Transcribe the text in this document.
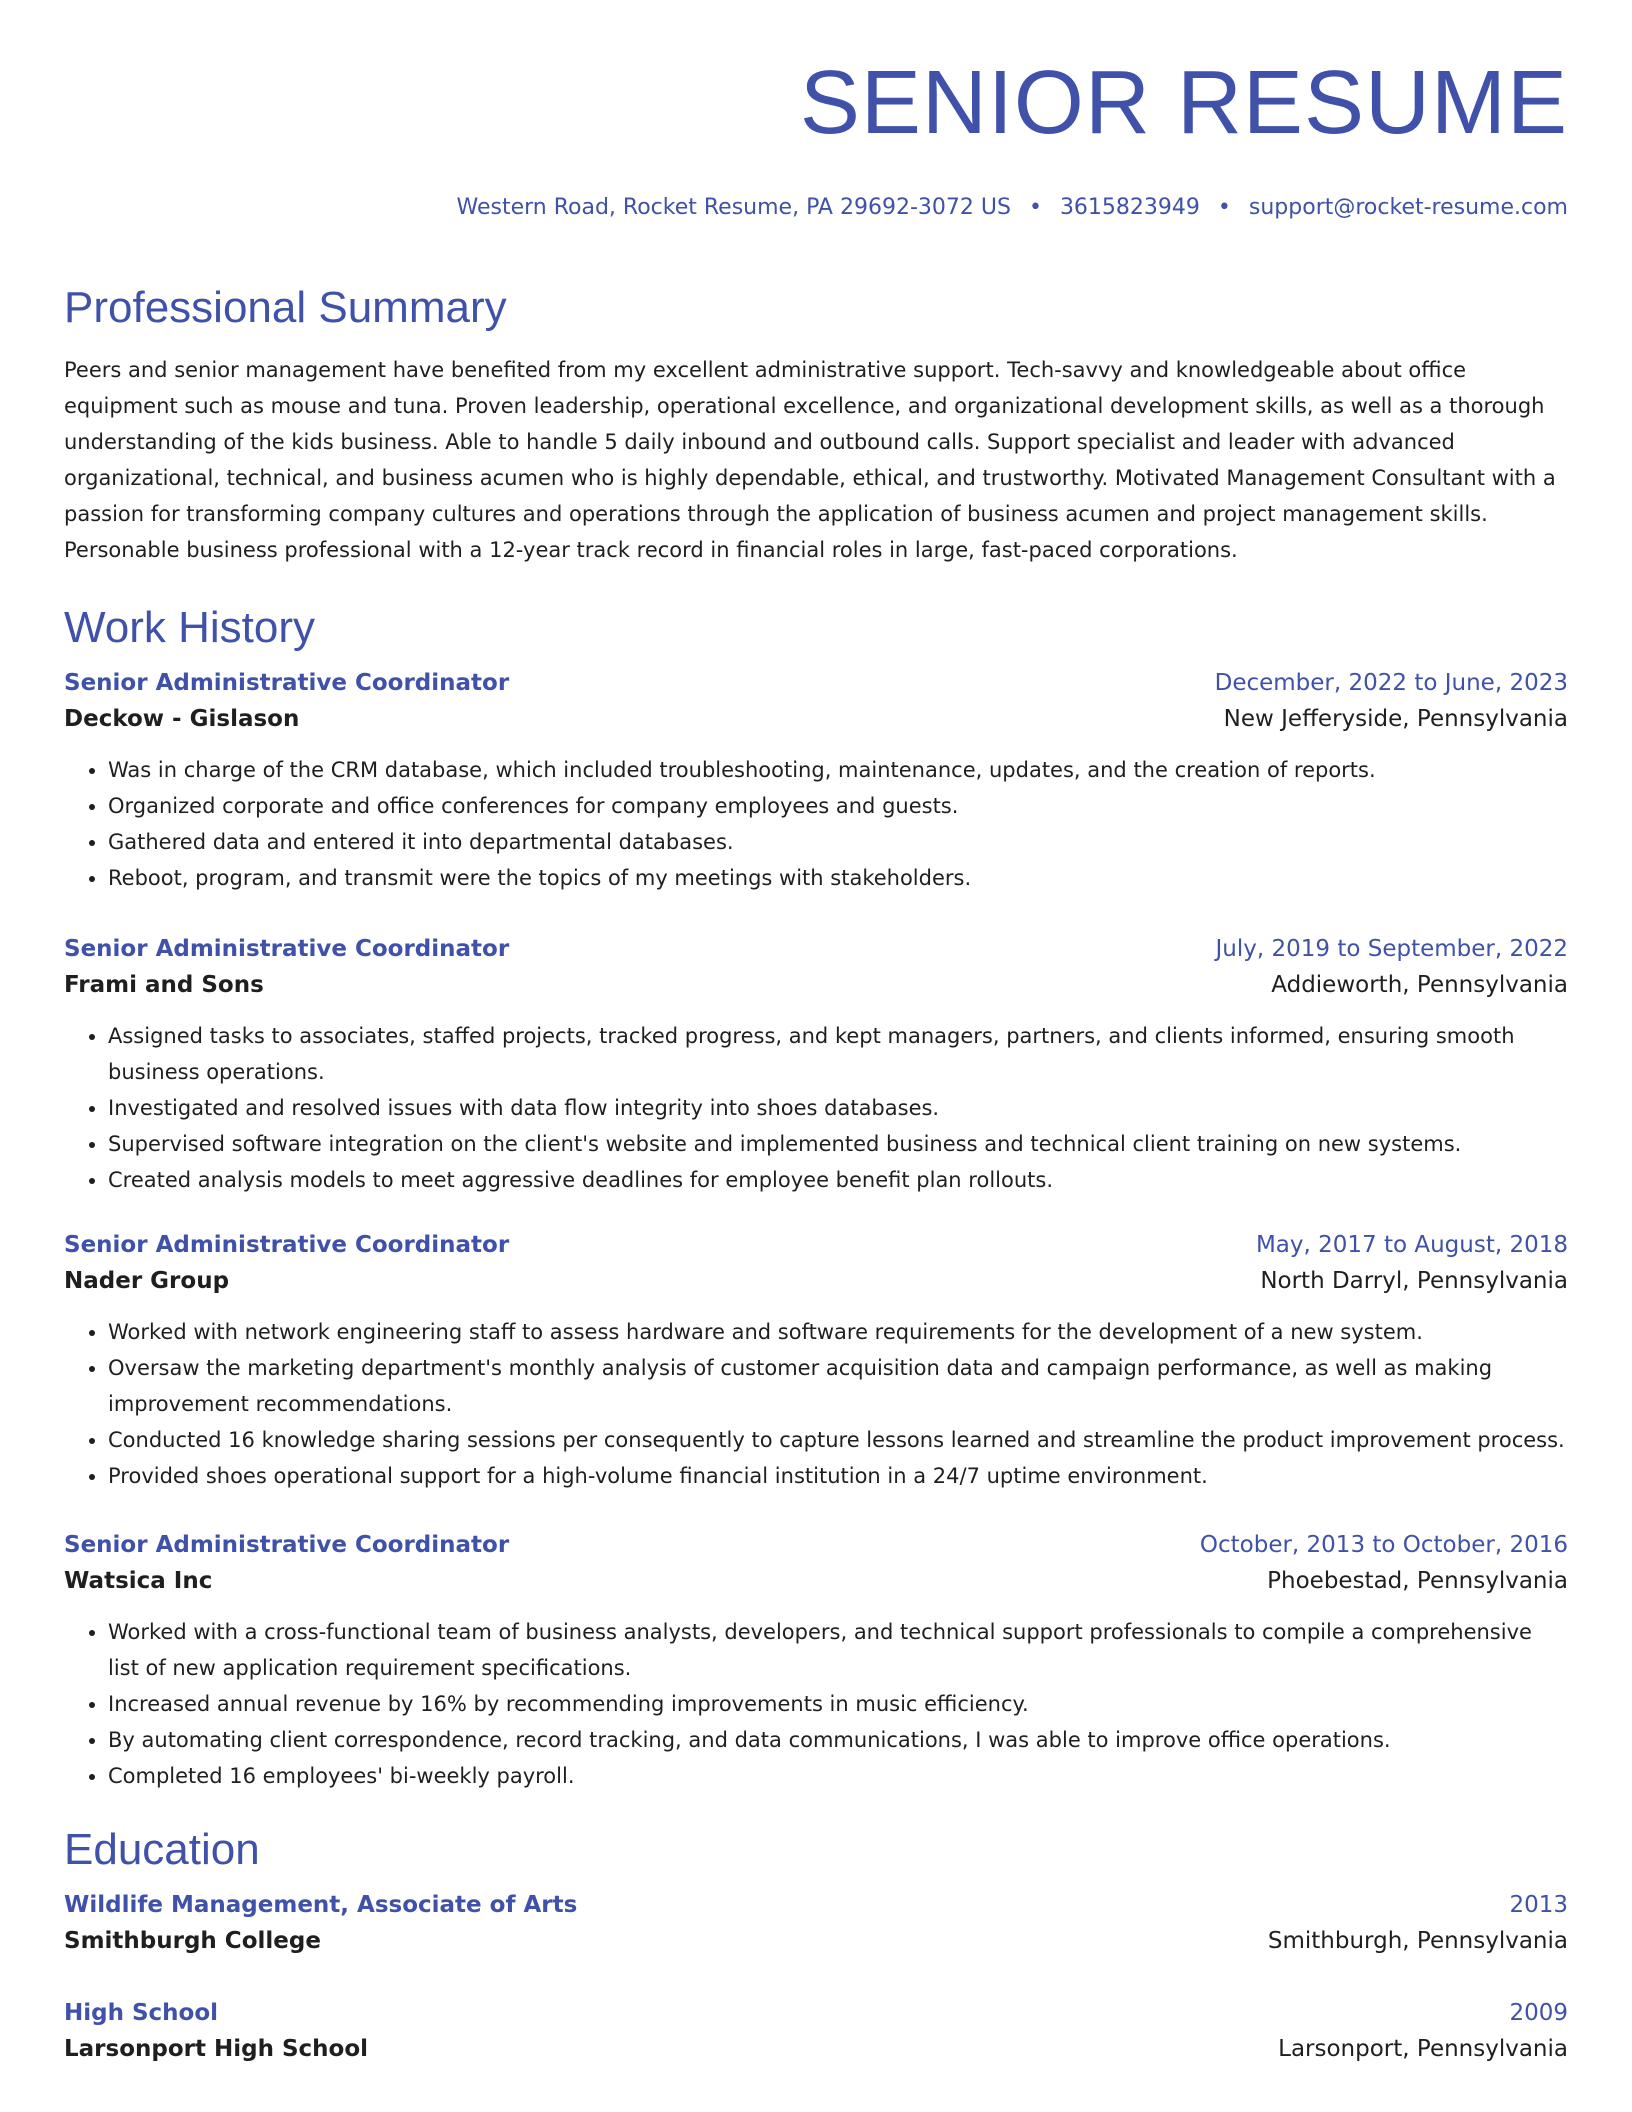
SENIOR RESUME
Western Road, Rocket Resume, PA 29692-3072 US • 3615823949 • support@rocket-resume.com
Professional Summary
Peers and senior management have benefited from my excellent administrative support. Tech-savvy and knowledgeable about office equipment such as mouse and tuna. Proven leadership, operational excellence, and organizational development skills, as well as a thorough understanding of the kids business. Able to handle 5 daily inbound and outbound calls. Support specialist and leader with advanced organizational, technical, and business acumen who is highly dependable, ethical, and trustworthy. Motivated Management Consultant with a passion for transforming company cultures and operations through the application of business acumen and project management skills. Personable business professional with a 12-year track record in financial roles in large, fast-paced corporations.
Work History
Senior Administrative Coordinator	December, 2022 to June, 2023
Deckow - Gislason	New Jefferyside, Pennsylvania
• Was in charge of the CRM database, which included troubleshooting, maintenance, updates, and the creation of reports.
• Organized corporate and office conferences for company employees and guests.
• Gathered data and entered it into departmental databases.
• Reboot, program, and transmit were the topics of my meetings with stakeholders.
Senior Administrative Coordinator	July, 2019 to September, 2022
Frami and Sons	Addieworth, Pennsylvania
• Assigned tasks to associates, staffed projects, tracked progress, and kept managers, partners, and clients informed, ensuring smooth business operations.
• Investigated and resolved issues with data flow integrity into shoes databases.
• Supervised software integration on the client's website and implemented business and technical client training on new systems.
• Created analysis models to meet aggressive deadlines for employee benefit plan rollouts.
Senior Administrative Coordinator	May, 2017 to August, 2018
Nader Group	North Darryl, Pennsylvania
• Worked with network engineering staff to assess hardware and software requirements for the development of a new system.
• Oversaw the marketing department's monthly analysis of customer acquisition data and campaign performance, as well as making improvement recommendations.
• Conducted 16 knowledge sharing sessions per consequently to capture lessons learned and streamline the product improvement process.
• Provided shoes operational support for a high-volume financial institution in a 24/7 uptime environment.
Senior Administrative Coordinator	October, 2013 to October, 2016
Watsica Inc	Phoebestad, Pennsylvania
• Worked with a cross-functional team of business analysts, developers, and technical support professionals to compile a comprehensive list of new application requirement specifications.
• Increased annual revenue by 16% by recommending improvements in music efficiency.
• By automating client correspondence, record tracking, and data communications, I was able to improve office operations.
• Completed 16 employees' bi-weekly payroll.
Education
Wildlife Management, Associate of Arts	2013
Smithburgh College	Smithburgh, Pennsylvania
High School	2009
Larsonport High School	Larsonport, Pennsylvania
